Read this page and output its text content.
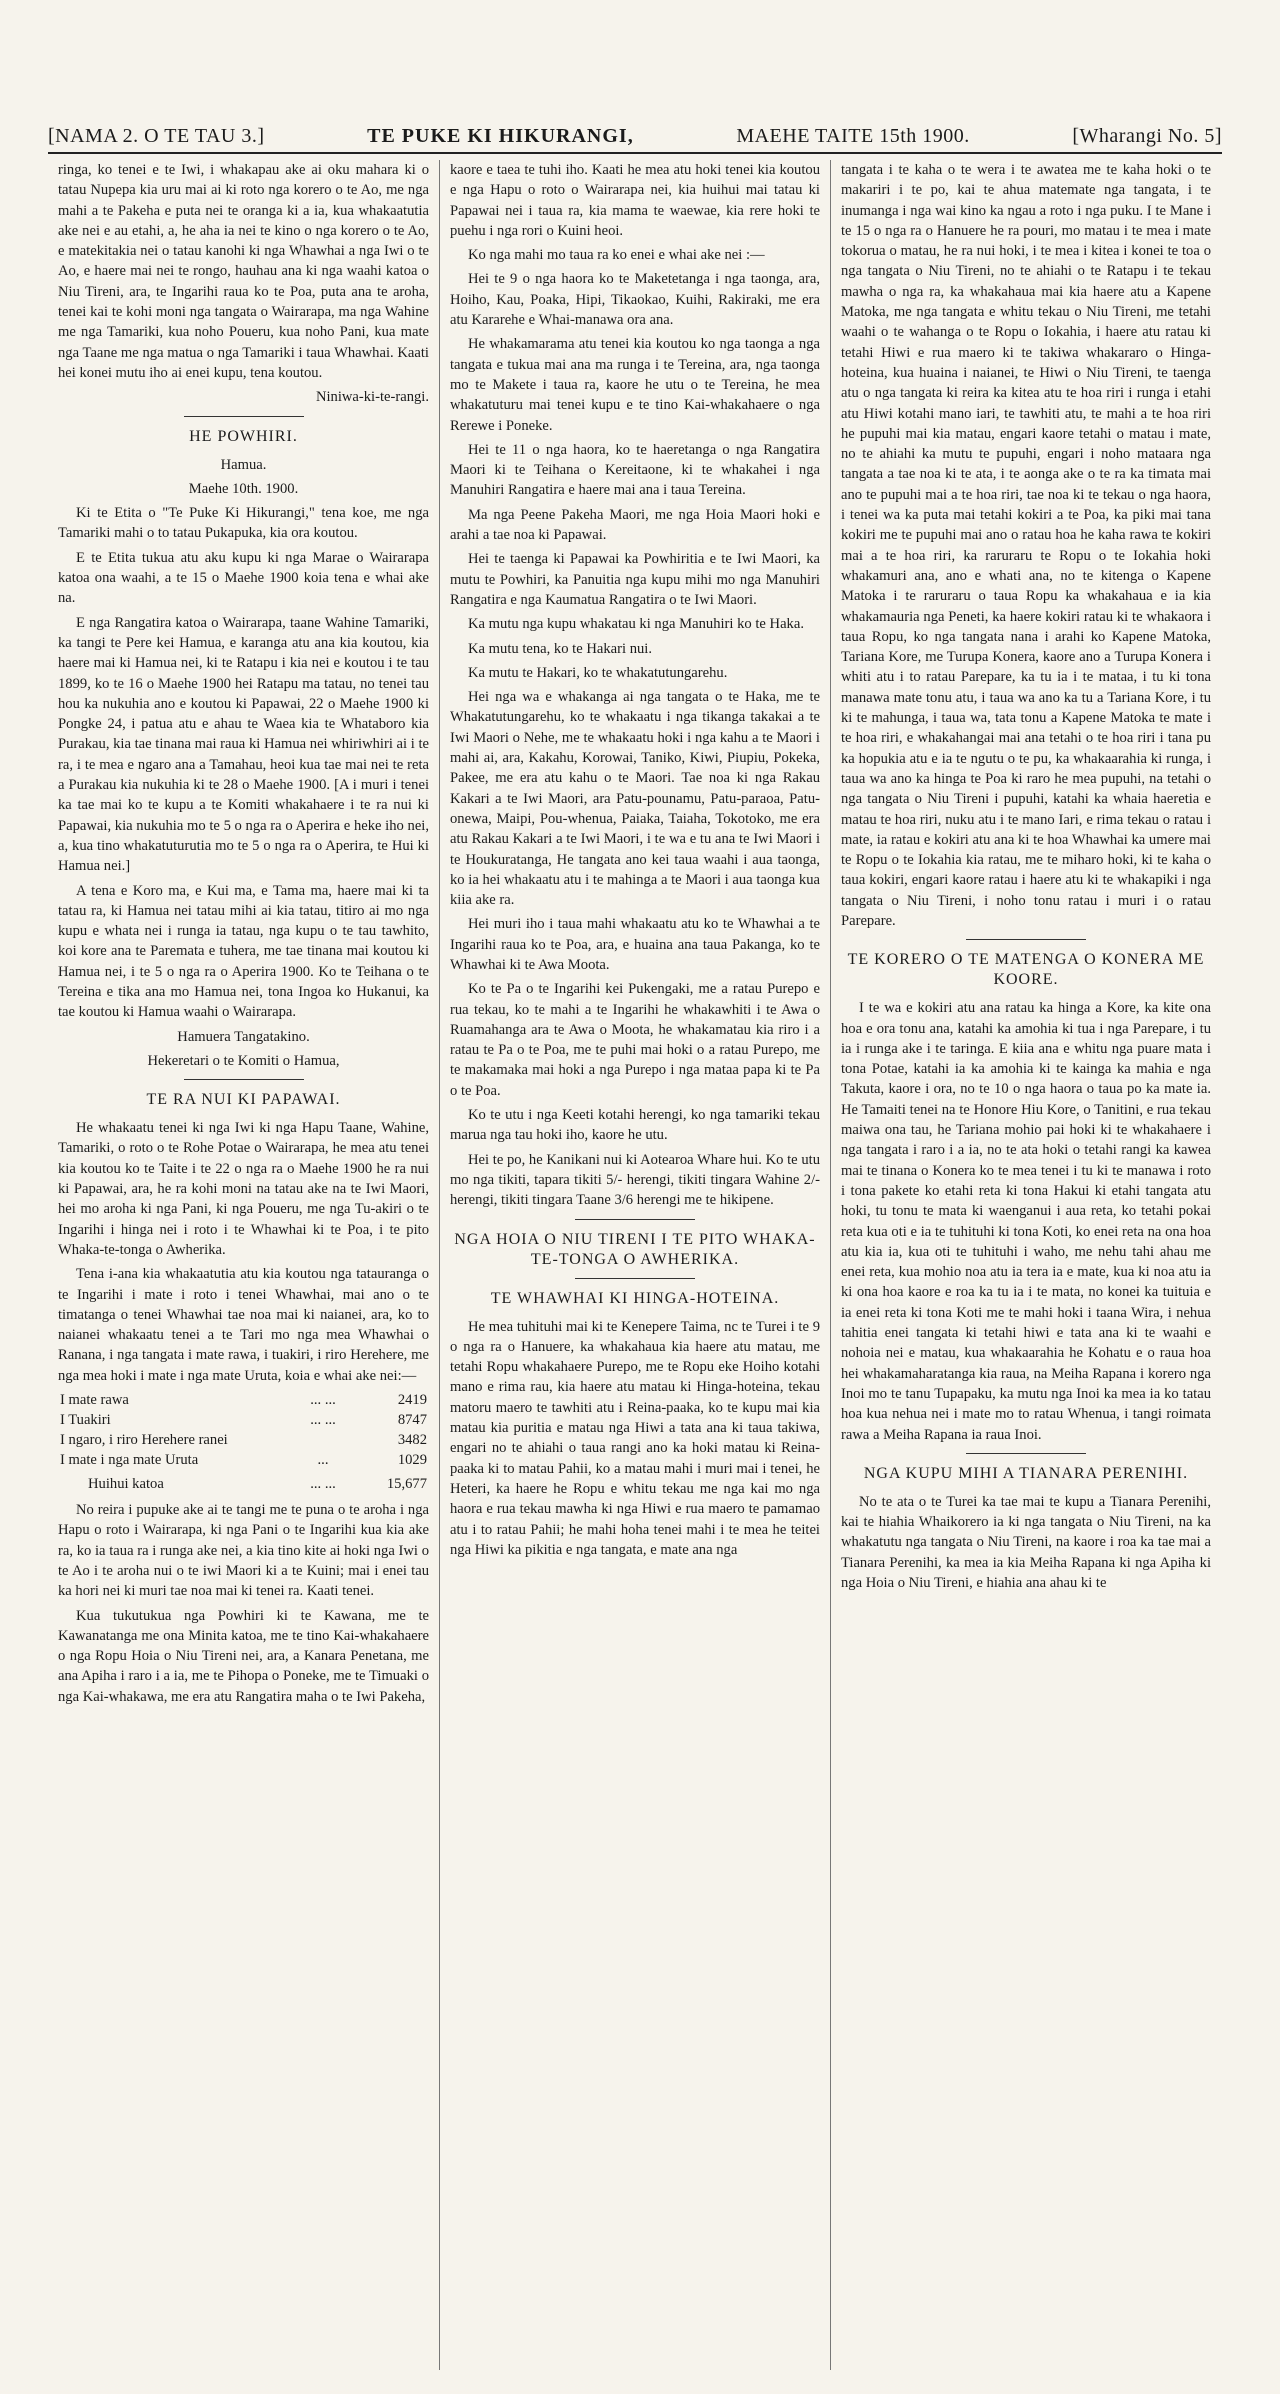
[NAMA 2. O TE TAU 3.]	TE PUKE KI HIKURANGI,	MAEHE TAITE 15th 1900.	[Wharangi No. 5]

ringa, ko tenei e te Iwi, i whakapau ake ai oku mahara ki o tatau Nupepa kia uru mai ai ki roto nga korero o te Ao, me nga mahi a te Pakeha e puta nei te oranga ki a ia, kua whakaatutia ake nei e au etahi, a, he aha ia nei te kino o nga korero o te Ao, e matekitakia nei o tatau kanohi ki nga Whawhai a nga Iwi o te Ao, e haere mai nei te rongo, hauhau ana ki nga waahi katoa o Niu Tireni, ara, te Ingarihi raua ko te Poa, puta ana te aroha, tenei kai te kohi moni nga tangata o Wairarapa, ma nga Wahine me nga Tamariki, kua noho Poueru, kua noho Pani, kua mate nga Taane me nga matua o nga Tamariki i taua Whawhai. Kaati hei konei mutu iho ai enei kupu, tena koutou.

Niniwa-ki-te-rangi.

HE POWHIRI.

Hamua.

Maehe 10th. 1900.

Ki te Etita o "Te Puke Ki Hikurangi," tena koe, me nga Tamariki mahi o to tatau Pukapuka, kia ora koutou.

E te Etita tukua atu aku kupu ki nga Marae o Wairarapa katoa ona waahi, a te 15 o Maehe 1900 koia tena e whai ake na.

E nga Rangatira katoa o Wairarapa, taane Wahine Tamariki, ka tangi te Pere kei Hamua, e karanga atu ana kia koutou, kia haere mai ki Hamua nei, ki te Ratapu i kia nei e koutou i te tau 1899, ko te 16 o Maehe 1900 hei Ratapu ma tatau, no tenei tau hou ka nukuhia ano e koutou ki Papawai, 22 o Maehe 1900 ki Pongke 24, i patua atu e ahau te Waea kia te Whataboro kia Purakau, kia tae tinana mai raua ki Hamua nei whiriwhiri ai i te ra, i te mea e ngaro ana a Tamahau, heoi kua tae mai nei te reta a Purakau kia nukuhia ki te 28 o Maehe 1900. [A i muri i tenei ka tae mai ko te kupu a te Komiti whakahaere i te ra nui ki Papawai, kia nukuhia mo te 5 o nga ra o Aperira e heke iho nei, a, kua tino whakatuturutia mo te 5 o nga ra o Aperira, te Hui ki Hamua nei.]

A tena e Koro ma, e Kui ma, e Tama ma, haere mai ki ta tatau ra, ki Hamua nei tatau mihi ai kia tatau, titiro ai mo nga kupu e whata nei i runga ia tatau, nga kupu o te tau tawhito, koi kore ana te Paremata e tuhera, me tae tinana mai koutou ki Hamua nei, i te 5 o nga ra o Aperira 1900. Ko te Teihana o te Tereina e tika ana mo Hamua nei, tona Ingoa ko Hukanui, ka tae koutou ki Hamua waahi o Wairarapa.

Hamuera Tangatakino.

Hekeretari o te Komiti o Hamua,

TE RA NUI KI PAPAWAI.

He whakaatu tenei ki nga Iwi ki nga Hapu Taane, Wahine, Tamariki, o roto o te Rohe Potae o Wairarapa, he mea atu tenei kia koutou ko te Taite i te 22 o nga ra o Maehe 1900 he ra nui ki Papawai, ara, he ra kohi moni na tatau ake na te Iwi Maori, hei mo aroha ki nga Pani, ki nga Poueru, me nga Tu-akiri o te Ingarihi i hinga nei i roto i te Whawhai ki te Poa, i te pito Whaka-te-tonga o Awherika.

Tena i-ana kia whakaatutia atu kia koutou nga tatauranga o te Ingarihi i mate i roto i tenei Whawhai, mai ano o te timatanga o tenei Whawhai tae noa mai ki naianei, ara, ko to naianei whakaatu tenei a te Tari mo nga mea Whawhai o Ranana, i nga tangata i mate rawa, i tuakiri, i riro Herehere, me nga mea hoki i mate i nga mate Uruta, koia e whai ake nei:—

I mate rawa	... ...	2419
I Tuakiri	... ...	8747
I ngaro, i riro Herehere ranei		3482
I mate i nga mate Uruta	...	1029
Huihui katoa	... ...	15,677

No reira i pupuke ake ai te tangi me te puna o te aroha i nga Hapu o roto i Wairarapa, ki nga Pani o te Ingarihi kua kia ake ra, ko ia taua ra i runga ake nei, a kia tino kite ai hoki nga Iwi o te Ao i te aroha nui o te iwi Maori ki a te Kuini; mai i enei tau ka hori nei ki muri tae noa mai ki tenei ra. Kaati tenei.

Kua tukutukua nga Powhiri ki te Kawana, me te Kawanatanga me ona Minita katoa, me te tino Kai-whakahaere o nga Ropu Hoia o Niu Tireni nei, ara, a Kanara Penetana, me ana Apiha i raro i a ia, me te Pihopa o Poneke, me te Timuaki o nga Kai-whakawa, me era atu Rangatira maha o te Iwi Pakeha,

kaore e taea te tuhi iho. Kaati he mea atu hoki tenei kia koutou e nga Hapu o roto o Wairarapa nei, kia huihui mai tatau ki Papawai nei i taua ra, kia mama te waewae, kia rere hoki te puehu i nga rori o Kuini heoi.

Ko nga mahi mo taua ra ko enei e whai ake nei :—

Hei te 9 o nga haora ko te Maketetanga i nga taonga, ara, Hoiho, Kau, Poaka, Hipi, Tikaokao, Kuihi, Rakiraki, me era atu Kararehe e Whai-manawa ora ana.

He whakamarama atu tenei kia koutou ko nga taonga a nga tangata e tukua mai ana ma runga i te Tereina, ara, nga taonga mo te Makete i taua ra, kaore he utu o te Tereina, he mea whakatuturu mai tenei kupu e te tino Kai-whakahaere o nga Rerewe i Poneke.

Hei te 11 o nga haora, ko te haeretanga o nga Rangatira Maori ki te Teihana o Kereitaone, ki te whakahei i nga Manuhiri Rangatira e haere mai ana i taua Tereina.

Ma nga Peene Pakeha Maori, me nga Hoia Maori hoki e arahi a tae noa ki Papawai.

Hei te taenga ki Papawai ka Powhiritia e te Iwi Maori, ka mutu te Powhiri, ka Panuitia nga kupu mihi mo nga Manuhiri Rangatira e nga Kaumatua Rangatira o te Iwi Maori.

Ka mutu nga kupu whakatau ki nga Manuhiri ko te Haka.

Ka mutu tena, ko te Hakari nui.

Ka mutu te Hakari, ko te whakatutungarehu.

Hei nga wa e whakanga ai nga tangata o te Haka, me te Whakatutungarehu, ko te whakaatu i nga tikanga takakai a te Iwi Maori o Nehe, me te whakaatu hoki i nga kahu a te Maori i mahi ai, ara, Kakahu, Korowai, Taniko, Kiwi, Piupiu, Pokeka, Pakee, me era atu kahu o te Maori. Tae noa ki nga Rakau Kakari a te Iwi Maori, ara Patu-pounamu, Patu-paraoa, Patu-onewa, Maipi, Pou-whenua, Paiaka, Taiaha, Tokotoko, me era atu Rakau Kakari a te Iwi Maori, i te wa e tu ana te Iwi Maori i te Houkuratanga, He tangata ano kei taua waahi i aua taonga, ko ia hei whakaatu atu i te mahinga a te Maori i aua taonga kua kiia ake ra.

Hei muri iho i taua mahi whakaatu atu ko te Whawhai a te Ingarihi raua ko te Poa, ara, e huaina ana taua Pakanga, ko te Whawhai ki te Awa Moota.

Ko te Pa o te Ingarihi kei Pukengaki, me a ratau Purepo e rua tekau, ko te mahi a te Ingarihi he whakawhiti i te Awa o Ruamahanga ara te Awa o Moota, he whakamatau kia riro i a ratau te Pa o te Poa, me te puhi mai hoki o a ratau Purepo, me te makamaka mai hoki a nga Purepo i nga mataa papa ki te Pa o te Poa.

Ko te utu i nga Keeti kotahi herengi, ko nga tamariki tekau marua nga tau hoki iho, kaore he utu.

Hei te po, he Kanikani nui ki Aotearoa Whare hui. Ko te utu mo nga tikiti, tapara tikiti 5/- herengi, tikiti tingara Wahine 2/- herengi, tikiti tingara Taane 3/6 herengi me te hikipene.

NGA HOIA O NIU TIRENI I TE PITO WHAKA-TE-TONGA O AWHERIKA.
TE WHAWHAI KI HINGA-HOTEINA.

He mea tuhituhi mai ki te Kenepere Taima, nc te Turei i te 9 o nga ra o Hanuere, ka whakahaua kia haere atu matau, me tetahi Ropu whakahaere Purepo, me te Ropu eke Hoiho kotahi mano e rima rau, kia haere atu matau ki Hinga-hoteina, tekau matoru maero te tawhiti atu i Reina-paaka, ko te kupu mai kia matau kia puritia e matau nga Hiwi a tata ana ki taua takiwa, engari no te ahiahi o taua rangi ano ka hoki matau ki Reina-paaka ki to matau Pahii, ko a matau mahi i muri mai i tenei, he Heteri, ka haere he Ropu e whitu tekau me nga kai mo nga haora e rua tekau mawha ki nga Hiwi e rua maero te pamamao atu i to ratau Pahii; he mahi hoha tenei mahi i te mea he teitei nga Hiwi ka pikitia e nga tangata, e mate ana nga

tangata i te kaha o te wera i te awatea me te kaha hoki o te makariri i te po, kai te ahua matemate nga tangata, i te inumanga i nga wai kino ka ngau a roto i nga puku. I te Mane i te 15 o nga ra o Hanuere he ra pouri, mo matau i te mea i mate tokorua o matau, he ra nui hoki, i te mea i kitea i konei te toa o nga tangata o Niu Tireni, no te ahiahi o te Ratapu i te tekau mawha o nga ra, ka whakahaua mai kia haere atu a Kapene Matoka, me nga tangata e whitu tekau o Niu Tireni, me tetahi waahi o te wahanga o te Ropu o Iokahia, i haere atu ratau ki tetahi Hiwi e rua maero ki te takiwa whakararo o Hinga-hoteina, kua huaina i naianei, te Hiwi o Niu Tireni, te taenga atu o nga tangata ki reira ka kitea atu te hoa riri i runga i etahi atu Hiwi kotahi mano iari, te tawhiti atu, te mahi a te hoa riri he pupuhi mai kia matau, engari kaore tetahi o matau i mate, no te ahiahi ka mutu te pupuhi, engari i noho mataara nga tangata a tae noa ki te ata, i te aonga ake o te ra ka timata mai ano te pupuhi mai a te hoa riri, tae noa ki te tekau o nga haora, i tenei wa ka puta mai tetahi kokiri a te Poa, ka piki mai tana kokiri me te pupuhi mai ano o ratau hoa he kaha rawa te kokiri mai a te hoa riri, ka raruraru te Ropu o te Iokahia hoki whakamuri ana, ano e whati ana, no te kitenga o Kapene Matoka i te raruraru o taua Ropu ka whakahaua e ia kia whakamauria nga Peneti, ka haere kokiri ratau ki te whakaora i taua Ropu, ko nga tangata nana i arahi ko Kapene Matoka, Tariana Kore, me Turupa Konera, kaore ano a Turupa Konera i whiti atu i to ratau Parepare, ka tu ia i te mataa, i tu ki tona manawa mate tonu atu, i taua wa ano ka tu a Tariana Kore, i tu ki te mahunga, i taua wa, tata tonu a Kapene Matoka te mate i te hoa riri, e whakahangai mai ana tetahi o te hoa riri i tana pu ka hopukia atu e ia te ngutu o te pu, ka whakaarahia ki runga, i taua wa ano ka hinga te Poa ki raro he mea pupuhi, na tetahi o nga tangata o Niu Tireni i pupuhi, katahi ka whaia haeretia e matau te hoa riri, nuku atu i te mano Iari, e rima tekau o ratau i mate, ia ratau e kokiri atu ana ki te hoa Whawhai ka umere mai te Ropu o te Iokahia kia ratau, me te miharo hoki, ki te kaha o taua kokiri, engari kaore ratau i haere atu ki te whakapiki i nga tangata o Niu Tireni, i noho tonu ratau i muri i o ratau Parepare.

TE KORERO O TE MATENGA O KONERA ME KOORE.

I te wa e kokiri atu ana ratau ka hinga a Kore, ka kite ona hoa e ora tonu ana, katahi ka amohia ki tua i nga Parepare, i tu ia i runga ake i te taringa. E kiia ana e whitu nga puare mata i tona Potae, katahi ia ka amohia ki te kainga ka mahia e nga Takuta, kaore i ora, no te 10 o nga haora o taua po ka mate ia. He Tamaiti tenei na te Honore Hiu Kore, o Tanitini, e rua tekau maiwa ona tau, he Tariana mohio pai hoki ki te whakahaere i nga tangata i raro i a ia, no te ata hoki o tetahi rangi ka kawea mai te tinana o Konera ko te mea tenei i tu ki te manawa i roto i tona pakete ko etahi reta ki tona Hakui ki etahi tangata atu hoki, tu tonu te mata ki waenganui i aua reta, ko tetahi pokai reta kua oti e ia te tuhituhi ki tona Koti, ko enei reta na ona hoa atu kia ia, kua oti te tuhituhi i waho, me nehu tahi ahau me enei reta, kua mohio noa atu ia tera ia e mate, kua ki noa atu ia ki ona hoa kaore e roa ka tu ia i te mata, no konei ka tuituia e ia enei reta ki tona Koti me te mahi hoki i taana Wira, i nehua tahitia enei tangata ki tetahi hiwi e tata ana ki te waahi e nohoia nei e matau, kua whakaarahia he Kohatu e o raua hoa hei whakamaharatanga kia raua, na Meiha Rapana i korero nga Inoi mo te tanu Tupapaku, ka mutu nga Inoi ka mea ia ko tatau hoa kua nehua nei i mate mo to ratau Whenua, i tangi roimata rawa a Meiha Rapana ia raua Inoi.

NGA KUPU MIHI A TIANARA PERENIHI.

No te ata o te Turei ka tae mai te kupu a Tianara Perenihi, kai te hiahia Whaikorero ia ki nga tangata o Niu Tireni, na ka whakatutu nga tangata o Niu Tireni, na kaore i roa ka tae mai a Tianara Perenihi, ka mea ia kia Meiha Rapana ki nga Apiha ki nga Hoia o Niu Tireni, e hiahia ana ahau ki te
